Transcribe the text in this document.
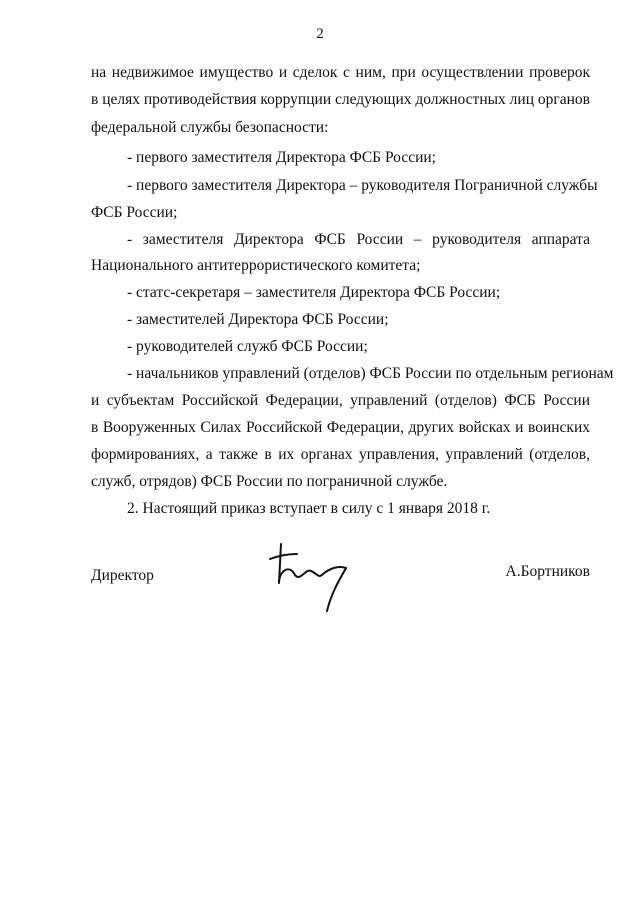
2
на недвижимое имущество и сделок с ним, при осуществлении проверок
в целях противодействия коррупции следующих должностных лиц органов
федеральной службы безопасности:
- первого заместителя Директора ФСБ России;
- первого заместителя Директора – руководителя Пограничной службы
ФСБ России;
- заместителя Директора ФСБ России – руководителя аппарата
Национального антитеррористического комитета;
- статс-секретаря – заместителя Директора ФСБ России;
- заместителей Директора ФСБ России;
- руководителей служб ФСБ России;
- начальников управлений (отделов) ФСБ России по отдельным регионам
и субъектам Российской Федерации, управлений (отделов) ФСБ России
в Вооруженных Силах Российской Федерации, других войсках и воинских
формированиях, а также в их органах управления, управлений (отделов,
служб, отрядов) ФСБ России по пограничной службе.
2. Настоящий приказ вступает в силу с 1 января 2018 г.
Директор	А.Бортников
